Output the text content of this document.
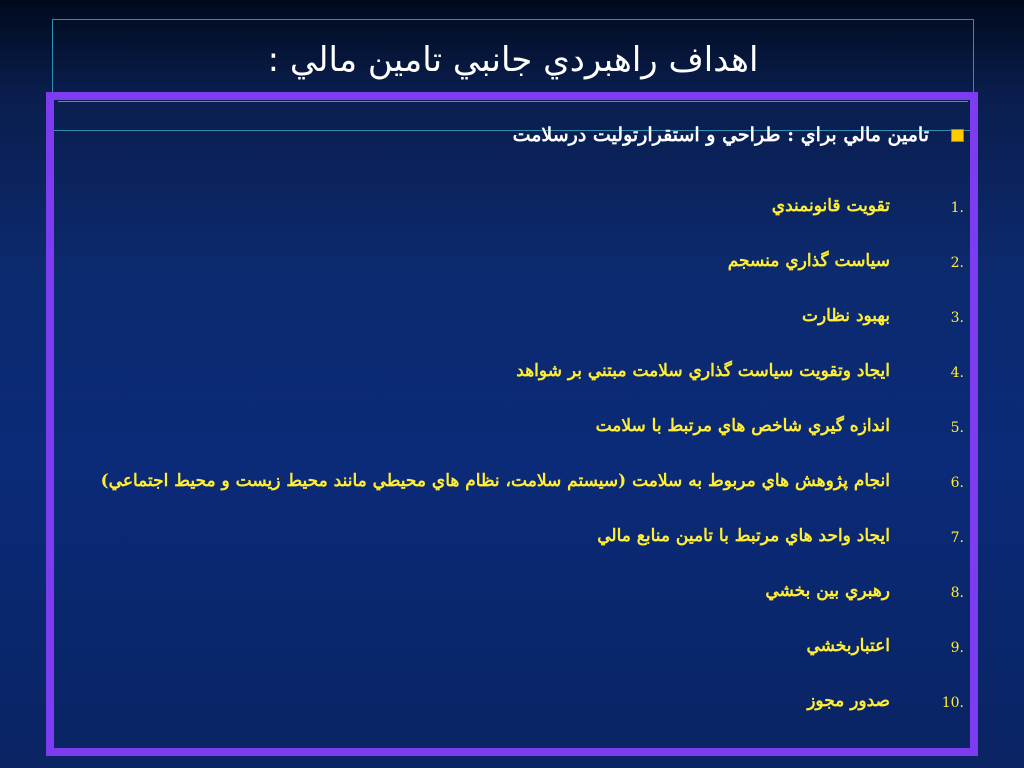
اهداف راهبردي جانبي تامين مالي :
تامين مالي براي : طراحي و استقرارتوليت درسلامت
1.
تقويت قانونمندي
2.
سياست گذاري منسجم
3.
بهبود نظارت
4.
ايجاد وتقويت سياست گذاري سلامت مبتني بر شواهد
5.
اندازه گيري شاخص هاي مرتبط با سلامت
6.
انجام پژوهش هاي مربوط به سلامت (سيستم سلامت، نظام هاي محيطي مانند محيط زيست و محيط اجتماعي)
7.
ايجاد واحد هاي مرتبط با تامين منابع مالي
8.
رهبري بين بخشي
9.
اعتباربخشي
10.
صدور مجوز
